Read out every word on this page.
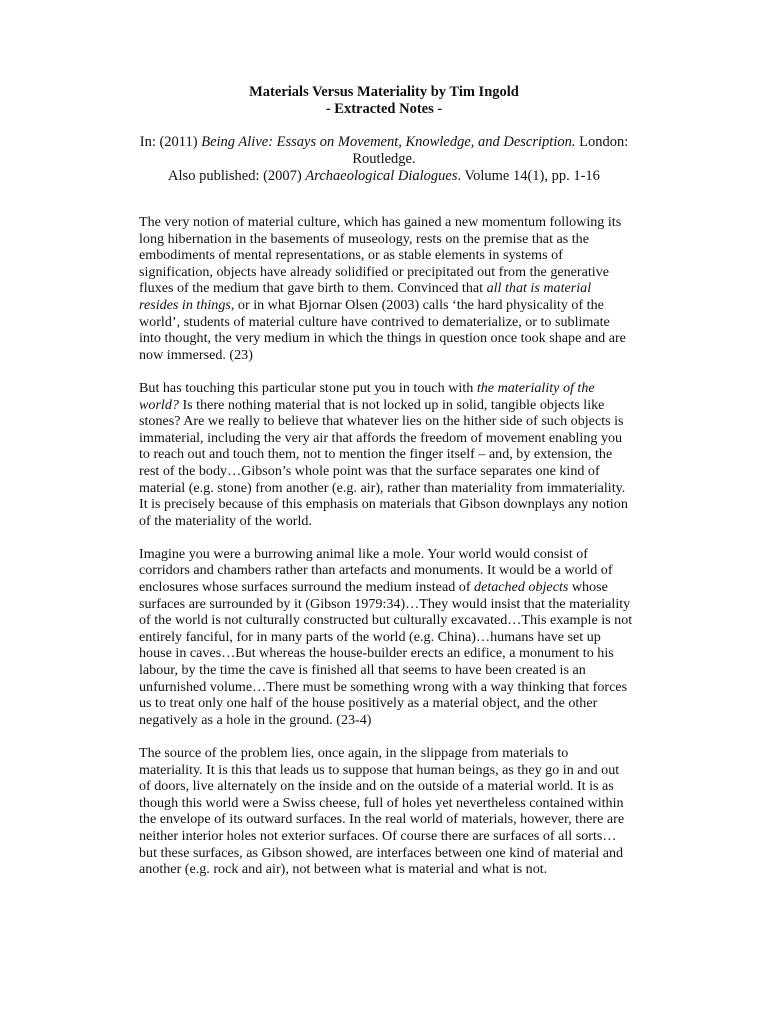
Materials Versus Materiality by Tim Ingold
- Extracted Notes -

In: (2011) Being Alive: Essays on Movement, Knowledge, and Description. London: Routledge.
Also published: (2007) Archaeological Dialogues. Volume 14(1), pp. 1-16

The very notion of material culture, which has gained a new momentum following its long hibernation in the basements of museology, rests on the premise that as the embodiments of mental representations, or as stable elements in systems of signification, objects have already solidified or precipitated out from the generative fluxes of the medium that gave birth to them. Convinced that all that is material resides in things, or in what Bjornar Olsen (2003) calls ‘the hard physicality of the world’, students of material culture have contrived to dematerialize, or to sublimate into thought, the very medium in which the things in question once took shape and are now immersed. (23)

But has touching this particular stone put you in touch with the materiality of the world? Is there nothing material that is not locked up in solid, tangible objects like stones? Are we really to believe that whatever lies on the hither side of such objects is immaterial, including the very air that affords the freedom of movement enabling you to reach out and touch them, not to mention the finger itself – and, by extension, the rest of the body…Gibson’s whole point was that the surface separates one kind of material (e.g. stone) from another (e.g. air), rather than materiality from immateriality. It is precisely because of this emphasis on materials that Gibson downplays any notion of the materiality of the world.

Imagine you were a burrowing animal like a mole. Your world would consist of corridors and chambers rather than artefacts and monuments. It would be a world of enclosures whose surfaces surround the medium instead of detached objects whose surfaces are surrounded by it (Gibson 1979:34)…They would insist that the materiality of the world is not culturally constructed but culturally excavated…This example is not entirely fanciful, for in many parts of the world (e.g. China)…humans have set up house in caves…But whereas the house-builder erects an edifice, a monument to his labour, by the time the cave is finished all that seems to have been created is an unfurnished volume…There must be something wrong with a way thinking that forces us to treat only one half of the house positively as a material object, and the other negatively as a hole in the ground. (23-4)

The source of the problem lies, once again, in the slippage from materials to materiality. It is this that leads us to suppose that human beings, as they go in and out of doors, live alternately on the inside and on the outside of a material world. It is as though this world were a Swiss cheese, full of holes yet nevertheless contained within the envelope of its outward surfaces. In the real world of materials, however, there are neither interior holes not exterior surfaces. Of course there are surfaces of all sorts…but these surfaces, as Gibson showed, are interfaces between one kind of material and another (e.g. rock and air), not between what is material and what is not.
